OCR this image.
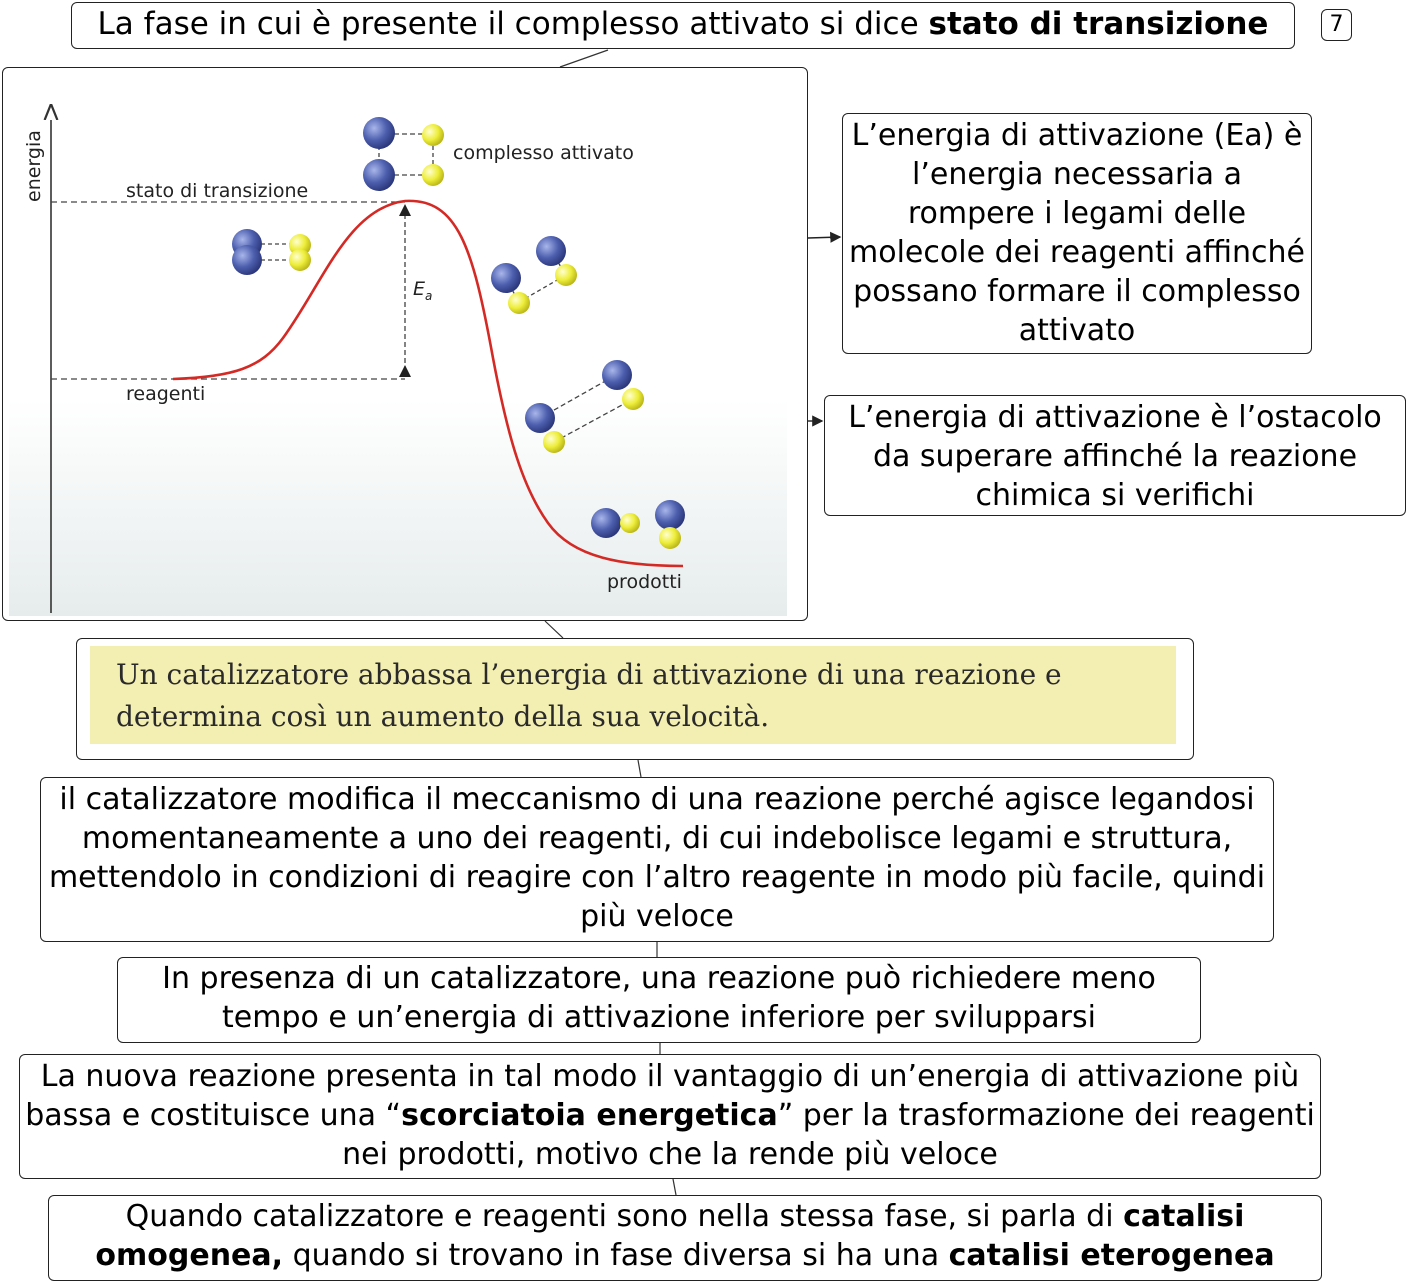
La fase in cui è presente il complesso attivato si dice stato di transizione	7
energia
$E_a$
stato di transizione
complesso attivato
reagenti
prodotti
L’energia di attivazione (Ea) è l’energia necessaria a rompere i legami delle molecole dei reagenti affinché possano formare il complesso attivato
L’energia di attivazione è l’ostacolo da superare affinché la reazione chimica si verifichi
Un catalizzatore abbassa l’energia di attivazione di una reazione e determina così un aumento della sua velocità.
il catalizzatore modifica il meccanismo di una reazione perché agisce legandosi momentaneamente a uno dei reagenti, di cui indebolisce legami e struttura, mettendolo in condizioni di reagire con l’altro reagente in modo più facile, quindi più veloce
In presenza di un catalizzatore, una reazione può richiedere meno tempo e un’energia di attivazione inferiore per svilupparsi
La nuova reazione presenta in tal modo il vantaggio di un’energia di attivazione più bassa e costituisce una “scorciatoia energetica” per la trasformazione dei reagenti nei prodotti, motivo che la rende più veloce
Quando catalizzatore e reagenti sono nella stessa fase, si parla di catalisi omogenea, quando si trovano in fase diversa si ha una catalisi eterogenea
